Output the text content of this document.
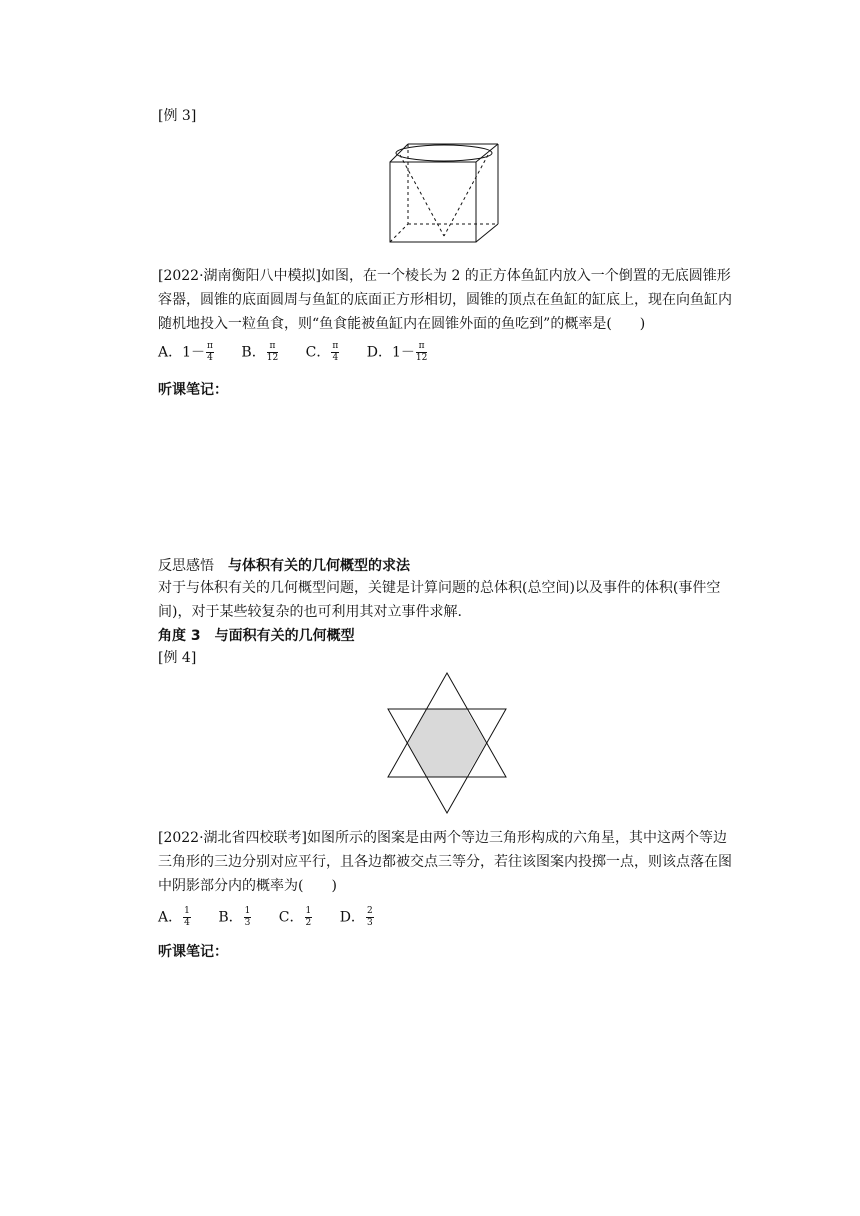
[例 3]
[2022·湖南衡阳八中模拟]如图，在一个棱长为 2 的正方体鱼缸内放入一个倒置的无底圆锥形容器，圆锥的底面圆周与鱼缸的底面正方形相切，圆锥的顶点在鱼缸的缸底上，现在向鱼缸内随机地投入一粒鱼食，则“鱼食能被鱼缸内在圆锥外面的鱼吃到”的概率是(　　)
A．$1- \frac{\pi}{4}$ B． $\frac{\pi}{12}$ C． $\frac{\pi}{4}$ D．$1- \frac{\pi}{12}$
听课笔记：
反思感悟 与体积有关的几何概型的求法
对于与体积有关的几何概型问题，关键是计算问题的总体积(总空间)以及事件的体积(事件空间)，对于某些较复杂的也可利用其对立事件求解.
角度 3 与面积有关的几何概型
[例 4]
[2022·湖北省四校联考]如图所示的图案是由两个等边三角形构成的六角星，其中这两个等边三角形的三边分别对应平行，且各边都被交点三等分，若往该图案内投掷一点，则该点落在图中阴影部分内的概率为(　　)
A． $\frac{1}{4}$ B． $\frac{1}{3}$ C． $\frac{1}{2}$ D． $\frac{2}{3}$
听课笔记：
